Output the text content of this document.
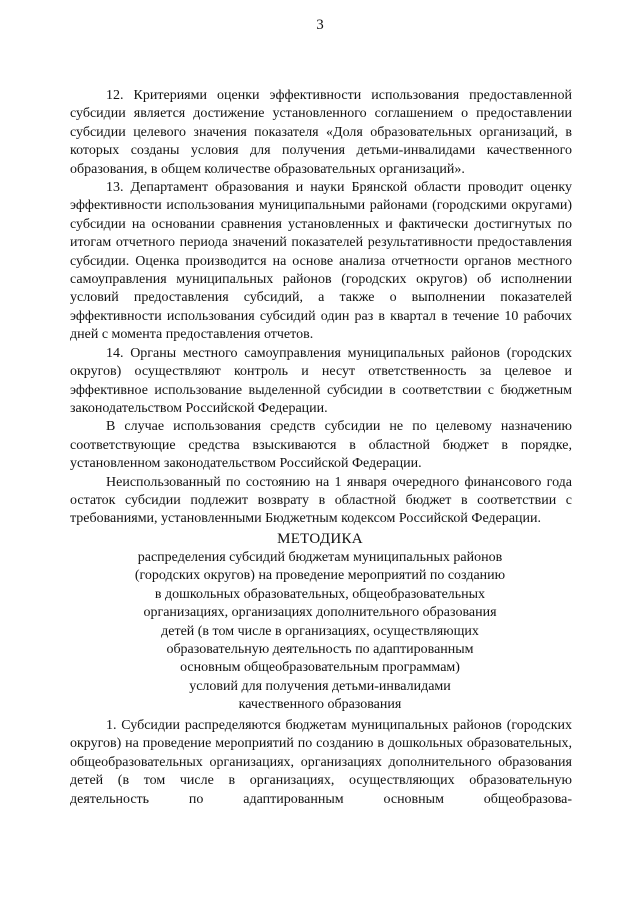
3

12. Критериями оценки эффективности использования предоставленной субсидии является достижение установленного соглашением о предоставлении субсидии целевого значения показателя «Доля образовательных организаций, в которых созданы условия для получения детьми-инвалидами качественного образования, в общем количестве образовательных организаций».

13. Департамент образования и науки Брянской области проводит оценку эффективности использования муниципальными районами (городскими округами) субсидии на основании сравнения установленных и фактически достигнутых по итогам отчетного периода значений показателей результативности предоставления субсидии. Оценка производится на основе анализа отчетности органов местного самоуправления муниципальных районов (городских округов) об исполнении условий предоставления субсидий, а также о выполнении показателей эффективности использования субсидий один раз в квартал в течение 10 рабочих дней с момента предоставления отчетов.

14. Органы местного самоуправления муниципальных районов (городских округов) осуществляют контроль и несут ответственность за целевое и эффективное использование выделенной субсидии в соответствии с бюджетным законодательством Российской Федерации.

В случае использования средств субсидии не по целевому назначению соответствующие средства взыскиваются в областной бюджет в порядке, установленном законодательством Российской Федерации.

Неиспользованный по состоянию на 1 января очередного финансового года остаток субсидии подлежит возврату в областной бюджет в соответствии с требованиями, установленными Бюджетным кодексом Российской Федерации.

МЕТОДИКА
распределения субсидий бюджетам муниципальных районов
(городских округов) на проведение мероприятий по созданию
в дошкольных образовательных, общеобразовательных
организациях, организациях дополнительного образования
детей (в том числе в организациях, осуществляющих
образовательную деятельность по адаптированным
основным общеобразовательным программам)
условий для получения детьми-инвалидами
качественного образования

1. Субсидии распределяются бюджетам муниципальных районов (городских округов) на проведение мероприятий по созданию в дошкольных образовательных, общеобразовательных организациях, организациях дополнительного образования детей (в том числе в организациях, осуществляющих образовательную деятельность по адаптированным основным общеобразова-
